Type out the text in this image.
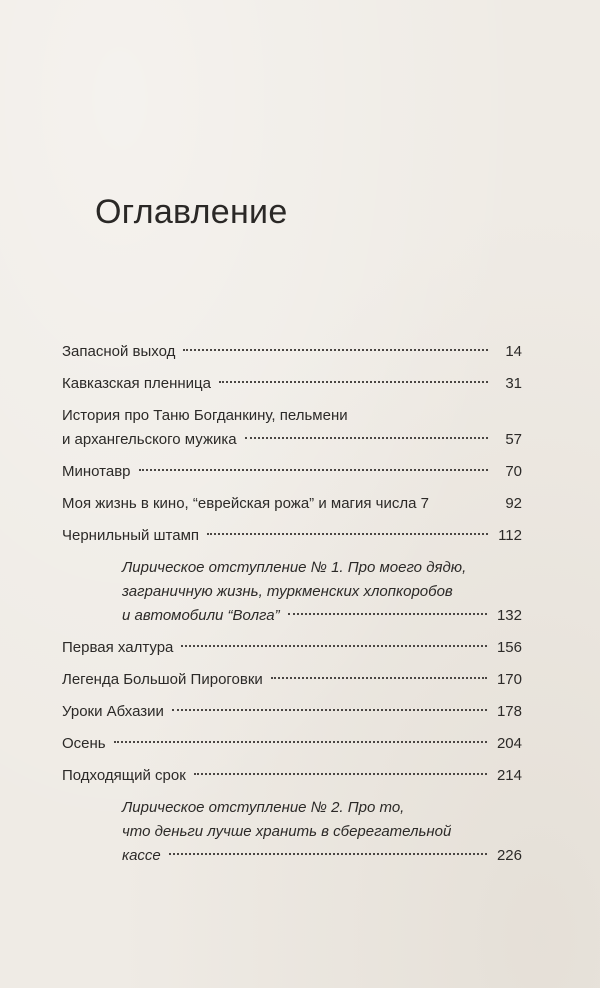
Оглавление
Запасной выход	14
Кавказская пленница	31
История про Таню Богданкину, пельмени
и архангельского мужика	57
Минотавр	70
Моя жизнь в кино, “еврейская рожа” и магия числа 7	92
Чернильный штамп	112
Лирическое отступление № 1. Про моего дядю,
заграничную жизнь, туркменских хлопкоробов
и автомобили “Волга”	132
Первая халтура	156
Легенда Большой Пироговки	170
Уроки Абхазии	178
Осень	204
Подходящий срок	214
Лирическое отступление № 2. Про то,
что деньги лучше хранить в сберегательной
кассе	226
